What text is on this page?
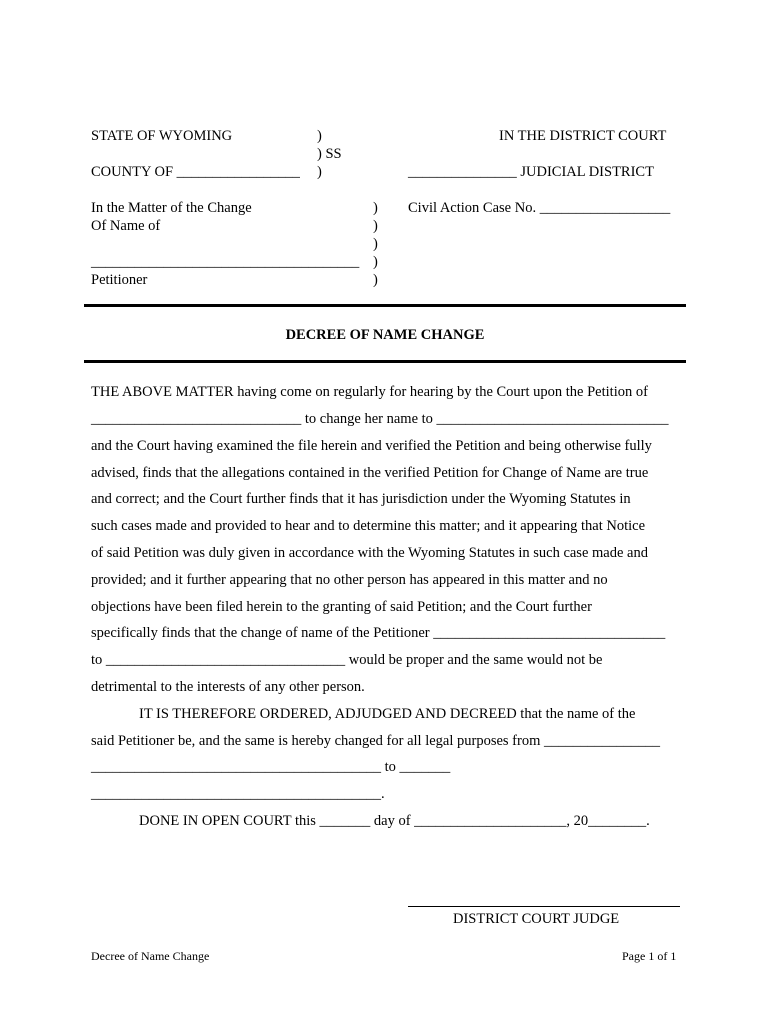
STATE OF WYOMING	)
) SS
COUNTY OF _________________ )
IN THE DISTRICT COURT
_______________ JUDICIAL DISTRICT
In the Matter of the Change
Of Name of
_____________________________________
Petitioner
)
)
)
)
)
Civil Action Case No. __________________
DECREE OF NAME CHANGE
THE ABOVE MATTER having come on regularly for hearing by the Court upon the Petition of
_____________________________ to change her name to ________________________________
and the Court having examined the file herein and verified the Petition and being otherwise fully
advised, finds that the allegations contained in the verified Petition for Change of Name are true
and correct; and the Court further finds that it has jurisdiction under the Wyoming Statutes in
such cases made and provided to hear and to determine this matter; and it appearing that Notice
of said Petition was duly given in accordance with the Wyoming Statutes in such case made and
provided; and it further appearing that no other person has appeared in this matter and no
objections have been filed herein to the granting of said Petition; and the Court further
specifically finds that the change of name of the Petitioner ________________________________
to _________________________________ would be proper and the same would not be
detrimental to the interests of any other person.
IT IS THEREFORE ORDERED, ADJUDGED AND DECREED that the name of the
said Petitioner be, and the same is hereby changed for all legal purposes from ________________
________________________________________ to _______
________________________________________.
DONE IN OPEN COURT this _______ day of _____________________, 20________.
DISTRICT COURT JUDGE
Decree of Name Change	Page 1 of 1
